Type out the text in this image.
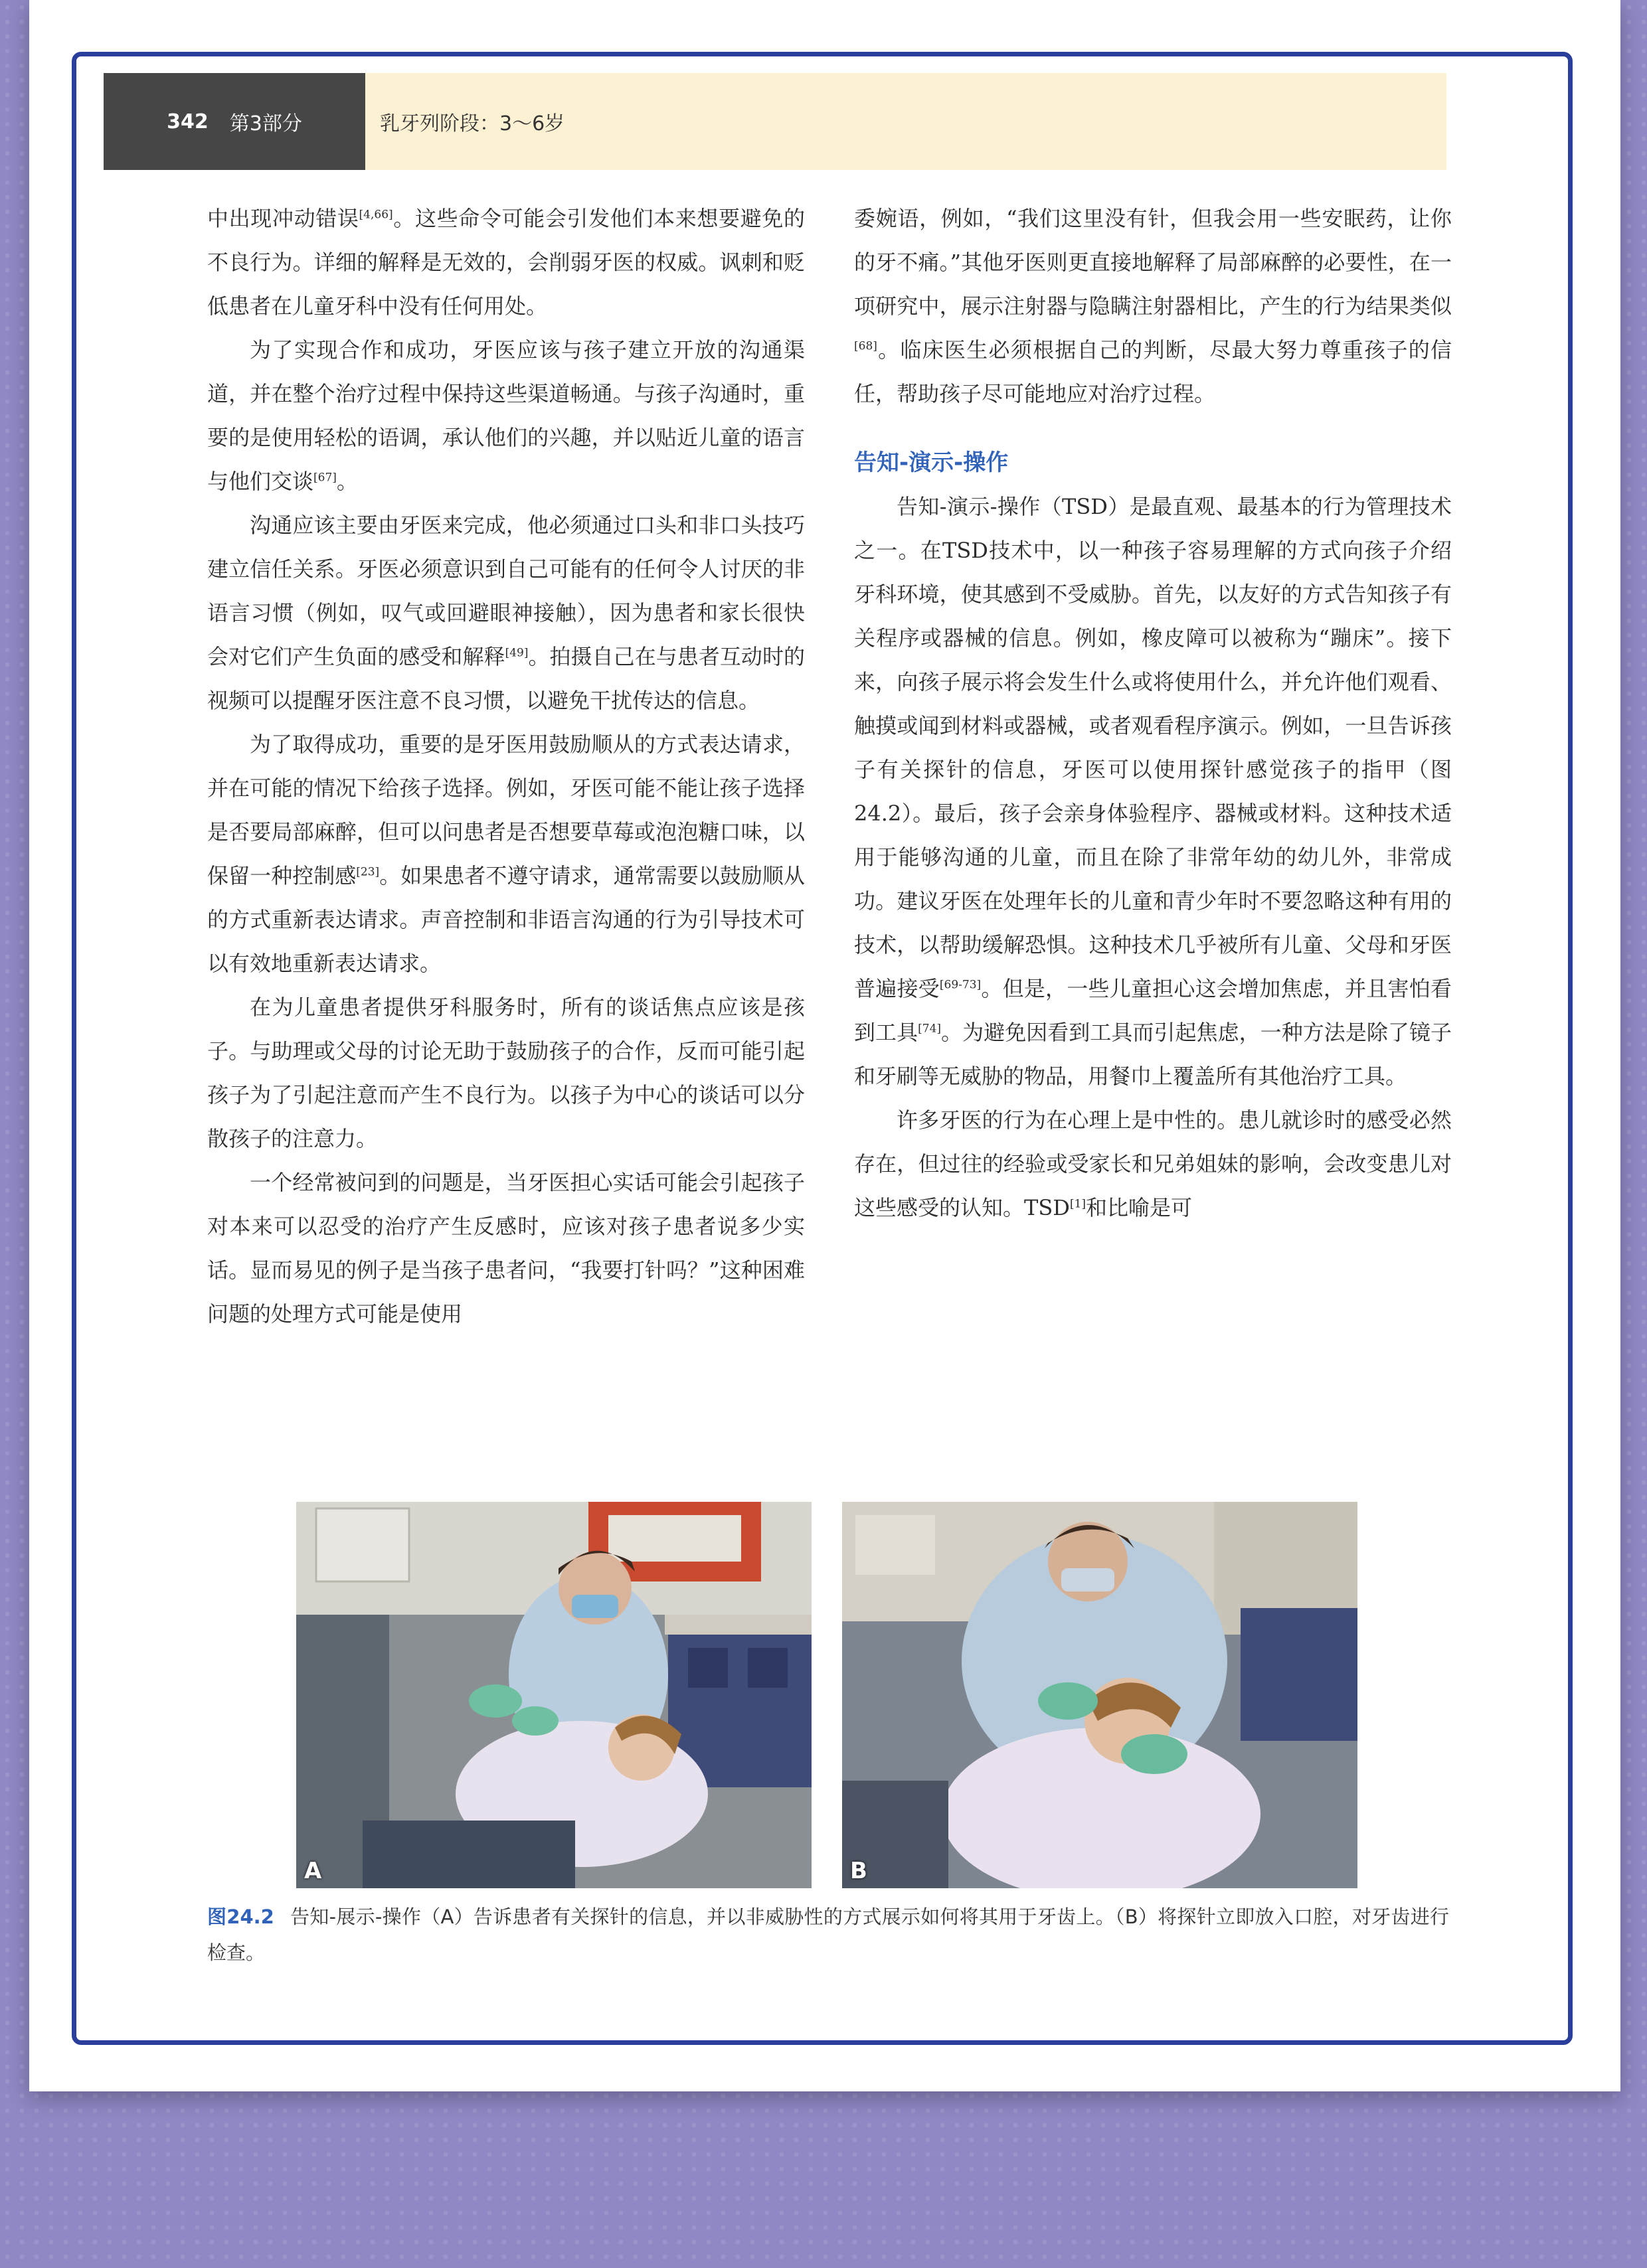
342 第3部分	乳牙列阶段：3～6岁

中出现冲动错误[4,66]。这些命令可能会引发他们本来想要避免的不良行为。详细的解释是无效的，会削弱牙医的权威。讽刺和贬低患者在儿童牙科中没有任何用处。

为了实现合作和成功，牙医应该与孩子建立开放的沟通渠道，并在整个治疗过程中保持这些渠道畅通。与孩子沟通时，重要的是使用轻松的语调，承认他们的兴趣，并以贴近儿童的语言与他们交谈[67]。

沟通应该主要由牙医来完成，他必须通过口头和非口头技巧建立信任关系。牙医必须意识到自己可能有的任何令人讨厌的非语言习惯（例如，叹气或回避眼神接触），因为患者和家长很快会对它们产生负面的感受和解释[49]。拍摄自己在与患者互动时的视频可以提醒牙医注意不良习惯，以避免干扰传达的信息。

为了取得成功，重要的是牙医用鼓励顺从的方式表达请求，并在可能的情况下给孩子选择。例如，牙医可能不能让孩子选择是否要局部麻醉，但可以问患者是否想要草莓或泡泡糖口味，以保留一种控制感[23]。如果患者不遵守请求，通常需要以鼓励顺从的方式重新表达请求。声音控制和非语言沟通的行为引导技术可以有效地重新表达请求。

在为儿童患者提供牙科服务时，所有的谈话焦点应该是孩子。与助理或父母的讨论无助于鼓励孩子的合作，反而可能引起孩子为了引起注意而产生不良行为。以孩子为中心的谈话可以分散孩子的注意力。

一个经常被问到的问题是，当牙医担心实话可能会引起孩子对本来可以忍受的治疗产生反感时，应该对孩子患者说多少实话。显而易见的例子是当孩子患者问，“我要打针吗？”这种困难问题的处理方式可能是使用

委婉语，例如，“我们这里没有针，但我会用一些安眠药，让你的牙不痛。”其他牙医则更直接地解释了局部麻醉的必要性，在一项研究中，展示注射器与隐瞒注射器相比，产生的行为结果类似[68]。临床医生必须根据自己的判断，尽最大努力尊重孩子的信任，帮助孩子尽可能地应对治疗过程。

告知-演示-操作

告知-演示-操作（TSD）是最直观、最基本的行为管理技术之一。在TSD技术中，以一种孩子容易理解的方式向孩子介绍牙科环境，使其感到不受威胁。首先，以友好的方式告知孩子有关程序或器械的信息。例如，橡皮障可以被称为“蹦床”。接下来，向孩子展示将会发生什么或将使用什么，并允许他们观看、触摸或闻到材料或器械，或者观看程序演示。例如，一旦告诉孩子有关探针的信息，牙医可以使用探针感觉孩子的指甲（图24.2）。最后，孩子会亲身体验程序、器械或材料。这种技术适用于能够沟通的儿童，而且在除了非常年幼的幼儿外，非常成功。建议牙医在处理年长的儿童和青少年时不要忽略这种有用的技术，以帮助缓解恐惧。这种技术几乎被所有儿童、父母和牙医普遍接受[69-73]。但是，一些儿童担心这会增加焦虑，并且害怕看到工具[74]。为避免因看到工具而引起焦虑，一种方法是除了镜子和牙刷等无威胁的物品，用餐巾上覆盖所有其他治疗工具。

许多牙医的行为在心理上是中性的。患儿就诊时的感受必然存在，但过往的经验或受家长和兄弟姐妹的影响，会改变患儿对这些感受的认知。TSD[1]和比喻是可

A	B
图24.2 告知-展示-操作（A）告诉患者有关探针的信息，并以非威胁性的方式展示如何将其用于牙齿上。（B）将探针立即放入口腔，对牙齿进行检查。
